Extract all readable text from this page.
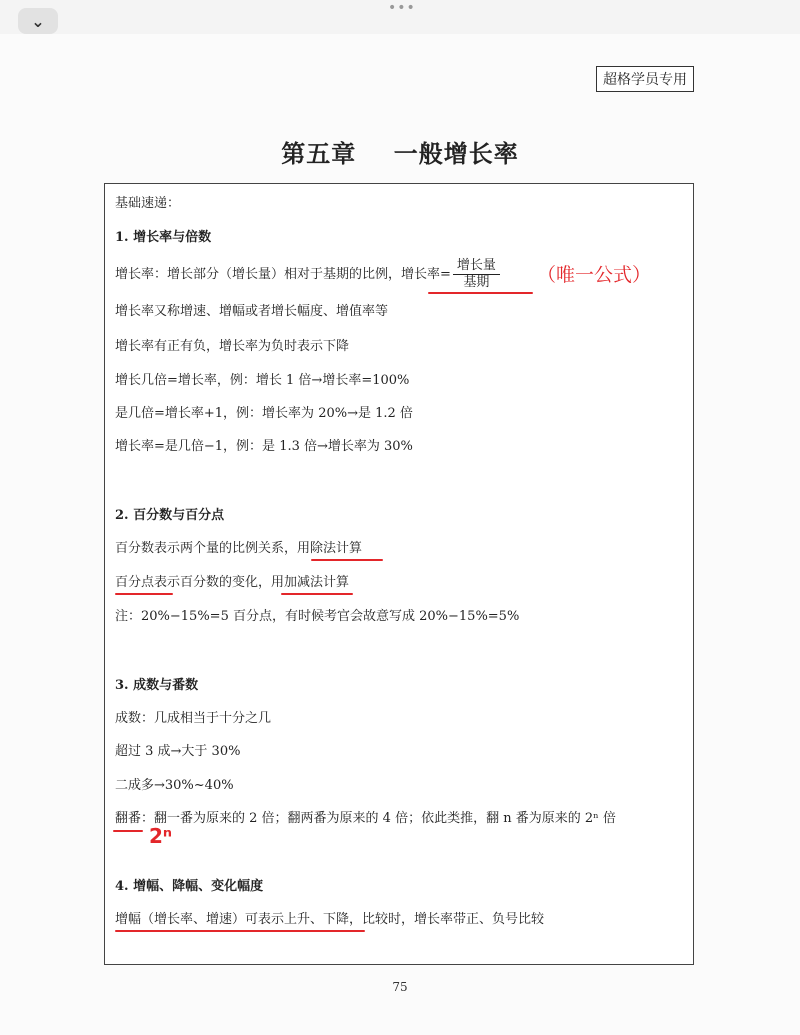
⌄
•••
超格学员专用
第五章    一般增长率
基础速递：
1. 增长率与倍数
增长率：增长部分（增长量）相对于基期的比例，增长率= $\frac{\text{增长量}}{\text{基期}}$ （唯一公式）
增长率又称增速、增幅或者增长幅度、增值率等
增长率有正有负，增长率为负时表示下降
增长几倍=增长率，例：增长 1 倍→增长率=100%
是几倍=增长率+1，例：增长率为 20%→是 1.2 倍
增长率=是几倍−1，例：是 1.3 倍→增长率为 30%
2. 百分数与百分点
百分数表示两个量的比例关系，用除法计算
百分点表示百分数的变化，用加减法计算
注：20%−15%=5 百分点，有时候考官会故意写成 20%−15%=5%
3. 成数与番数
成数：几成相当于十分之几
超过 3 成→大于 30%
二成多→30%~40%
翻番：翻一番为原来的 2 倍；翻两番为原来的 4 倍；依此类推，翻 n 番为原来的 2ⁿ 倍
2ⁿ
4. 增幅、降幅、变化幅度
增幅（增长率、增速）可表示上升、下降，比较时，增长率带正、负号比较
75
